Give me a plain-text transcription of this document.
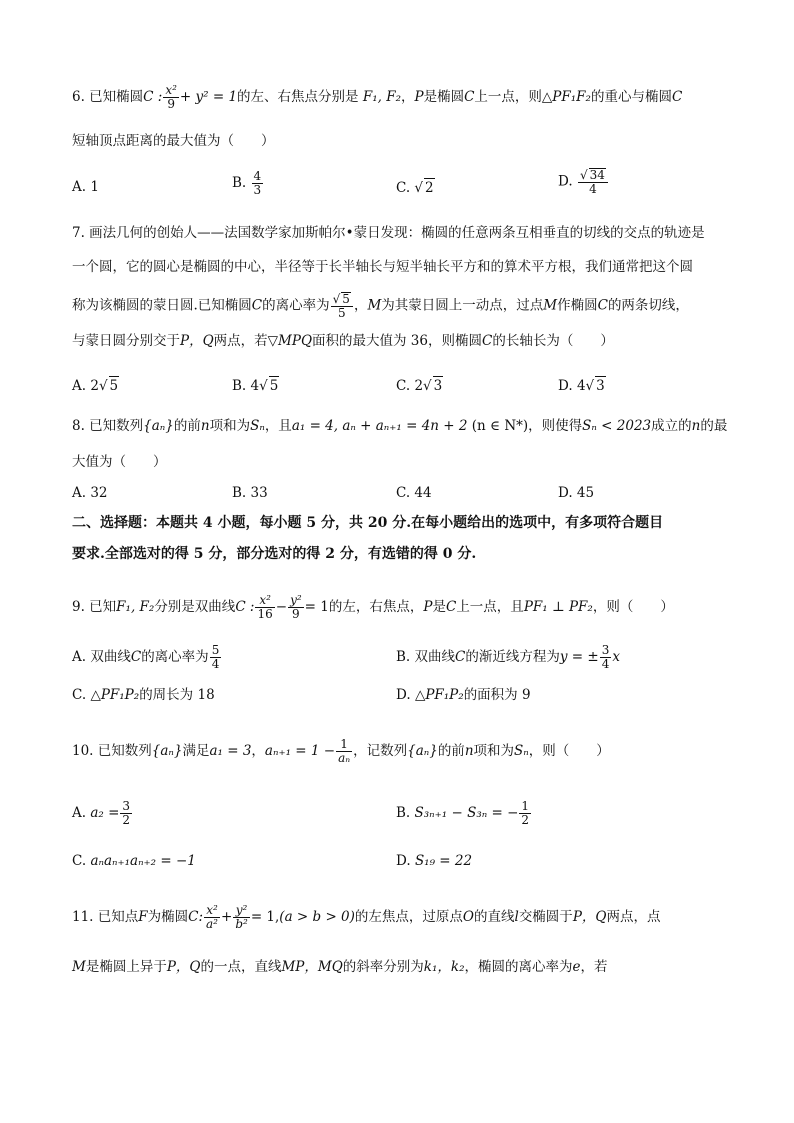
6. 已知椭圆C : $\frac{\text{x²}}{9} + y^2 = 1$的左、右焦点分别是 F₁, F₂，P是椭圆C上一点，则△PF₁F₂的重心与椭圆C
短轴顶点距离的最大值为（　　）
A. 1	B. $\frac{4}{3}$	C. √ 2	D. $\frac{√ 34}{4}$
7. 画法几何的创始人——法国数学家加斯帕尔•蒙日发现：椭圆的任意两条互相垂直的切线的交点的轨迹是
一个圆，它的圆心是椭圆的中心，半径等于长半轴长与短半轴长平方和的算术平方根，我们通常把这个圆
称为该椭圆的蒙日圆.已知椭圆C的离心率为 $\frac{√ 5}{5}$ ，M为其蒙日圆上一动点，过点M作椭圆C的两条切线，
与蒙日圆分别交于P，Q两点，若▽MPQ面积的最大值为 36，则椭圆C的长轴长为（　　）
A. 2√ 5	B. 4√ 5	C. 2√ 3	D. 4√ 3
8. 已知数列{aₙ}的前n项和为Sₙ，且a₁ = 4, aₙ + aₙ₊₁ = 4n + 2 (n ∈ N*)，则使得Sₙ < 2023成立的n的最
大值为（　　）
A. 32	B. 33	C. 44	D. 45
二、选择题：本题共 4 小题，每小题 5 分，共 20 分.在每小题给出的选项中，有多项符合题目
要求.全部选对的得 5 分，部分选对的得 2 分，有选错的得 0 分.
9. 已知F₁, F₂分别是双曲线C : $\frac{\text{x²}}{16} - \frac{\text{y²}}{9} = 1$的左，右焦点，P是C上一点，且PF₁ ⊥ PF₂，则（　　）
A. 双曲线C的离心率为 $\frac{5}{4}$	B. 双曲线C的渐近线方程为y = ± $\frac{3}{4}$ x
C. △PF₁P₂的周长为 18	D. △PF₁P₂的面积为 9
10. 已知数列{aₙ}满足a₁ = 3，$a_{n+1} = 1 - \frac{1}{\text{aₙ}}$ ，记数列{aₙ}的前n项和为Sₙ，则（　　）
A. $a_2 = \frac{3}{2}$	B. S₃ₙ₊₁ − S₃ₙ = − $\frac{1}{2}$
C. aₙaₙ₊₁aₙ₊₂ = −1	D. S₁₉ = 22
11. 已知点F为椭圆C: $\frac{\text{x²}}{\text{a²}} + \frac{\text{y²}}{\text{b²}} = 1,(a > b > 0)$的左焦点，过原点O的直线l交椭圆于P，Q两点，点
M是椭圆上异于P，Q的一点，直线MP，MQ的斜率分别为k₁，k₂，椭圆的离心率为e，若
